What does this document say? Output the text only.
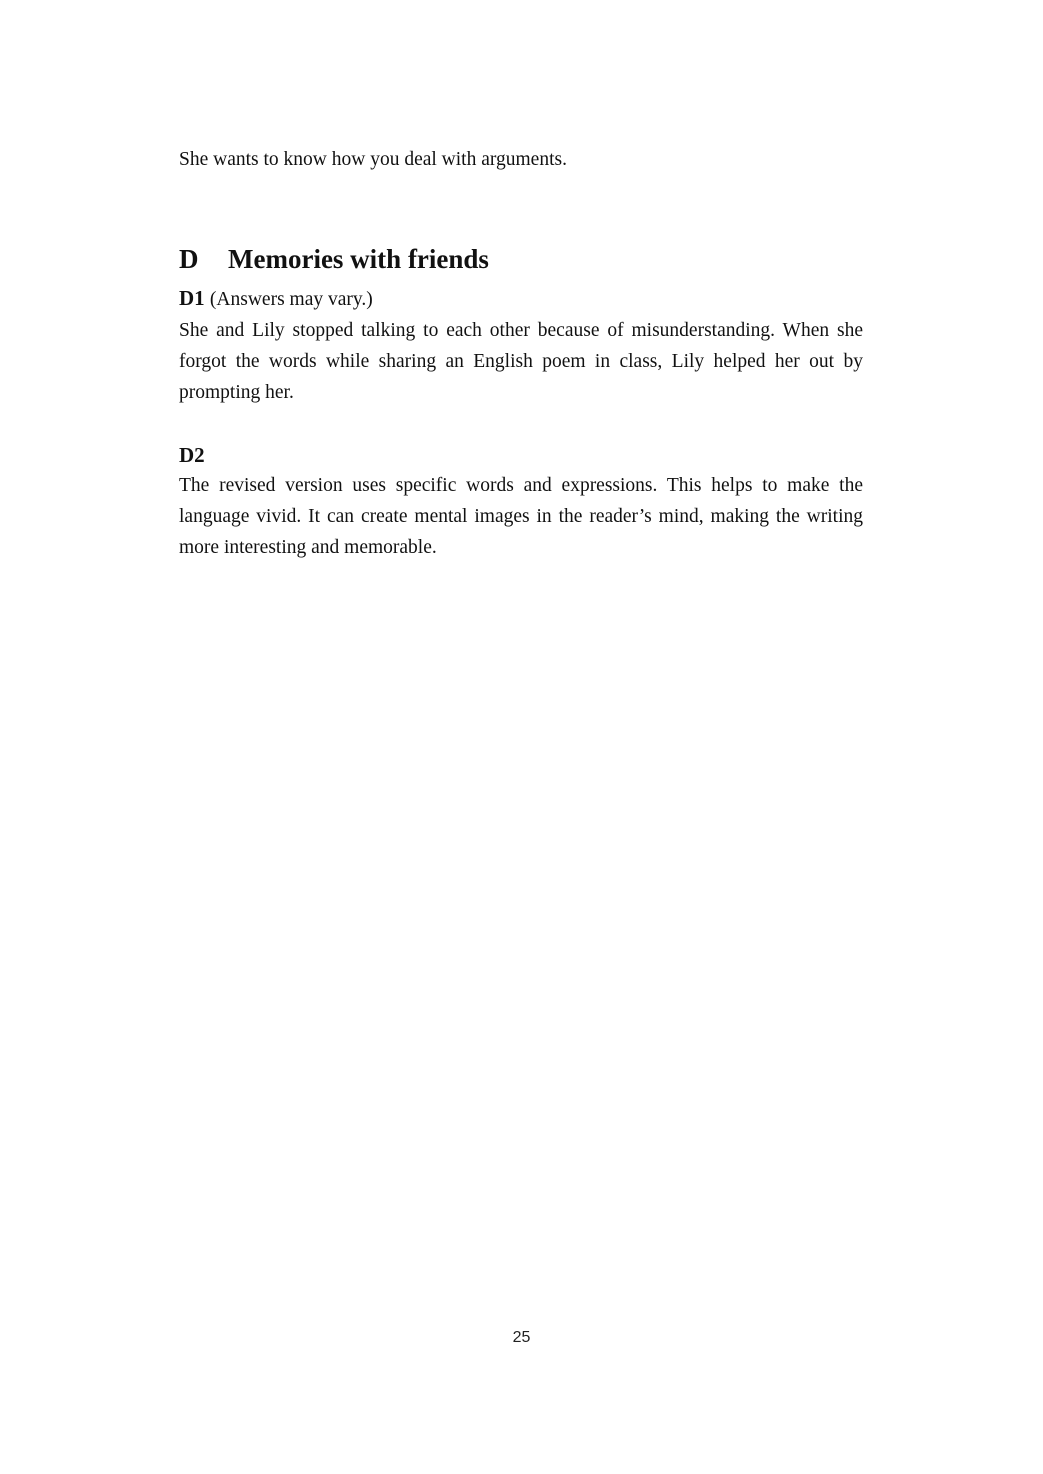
She wants to know how you deal with arguments.

D	Memories with friends

D1 (Answers may vary.)

She and Lily stopped talking to each other because of misunderstanding. When she forgot the words while sharing an English poem in class, Lily helped her out by prompting her.

D2

The revised version uses specific words and expressions. This helps to make the language vivid. It can create mental images in the reader’s mind, making the writing more interesting and memorable.

25
